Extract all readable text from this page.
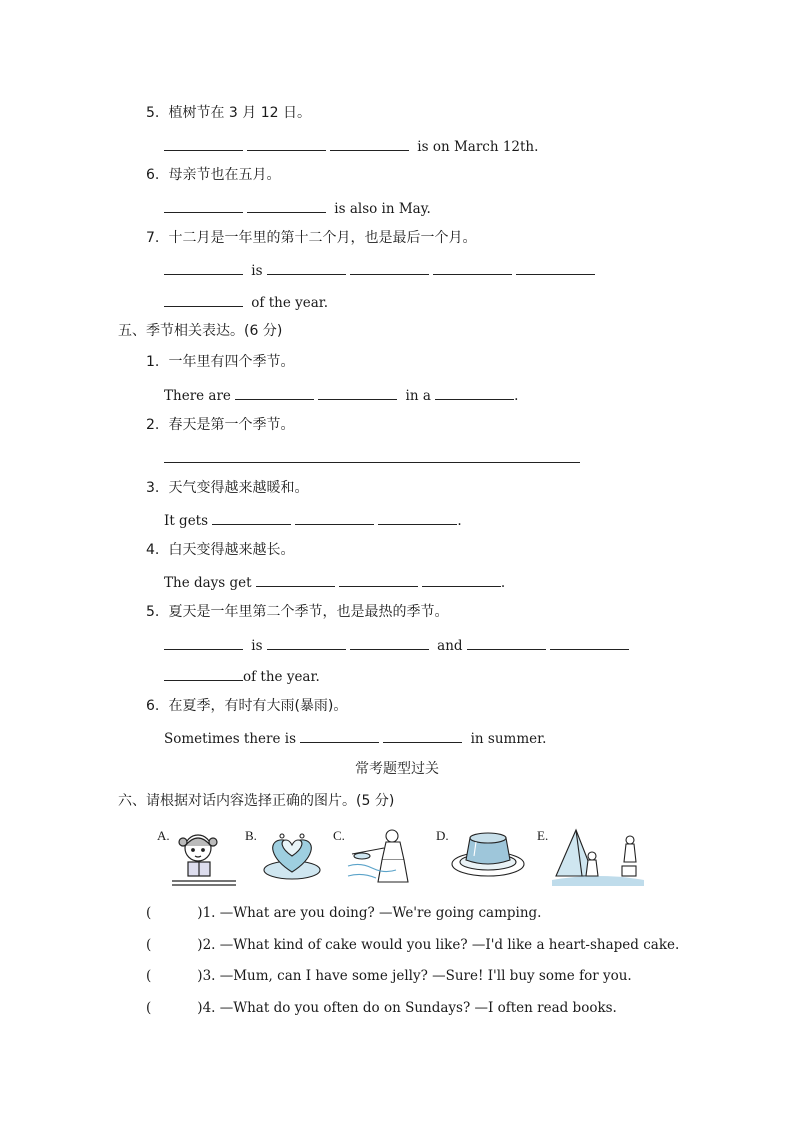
5. 植树节在 3 月 12 日。
is on March 12th.
6. 母亲节也在五月。
is also in May.
7. 十二月是一年里的第十二个月，也是最后一个月。
is
of the year.
五、季节相关表达。(6 分)
1. 一年里有四个季节。
There are	in a	.
2. 春天是第一个季节。
3. 天气变得越来越暖和。
It gets	.
4. 白天变得越来越长。
The days get	.
5. 夏天是一年里第二个季节，也是最热的季节。
is	and
of the year.
6. 在夏季，有时有大雨(暴雨)。
Sometimes there is	in summer.
常考题型过关
六、请根据对话内容选择正确的图片。(5 分)
A.	B.	C.	D.	E.
(	)1. —What are you doing? —We're going camping.
(	)2. —What kind of cake would you like? —I'd like a heart-shaped cake.
(	)3. —Mum, can I have some jelly? —Sure! I'll buy some for you.
(	)4. —What do you often do on Sundays? —I often read books.
